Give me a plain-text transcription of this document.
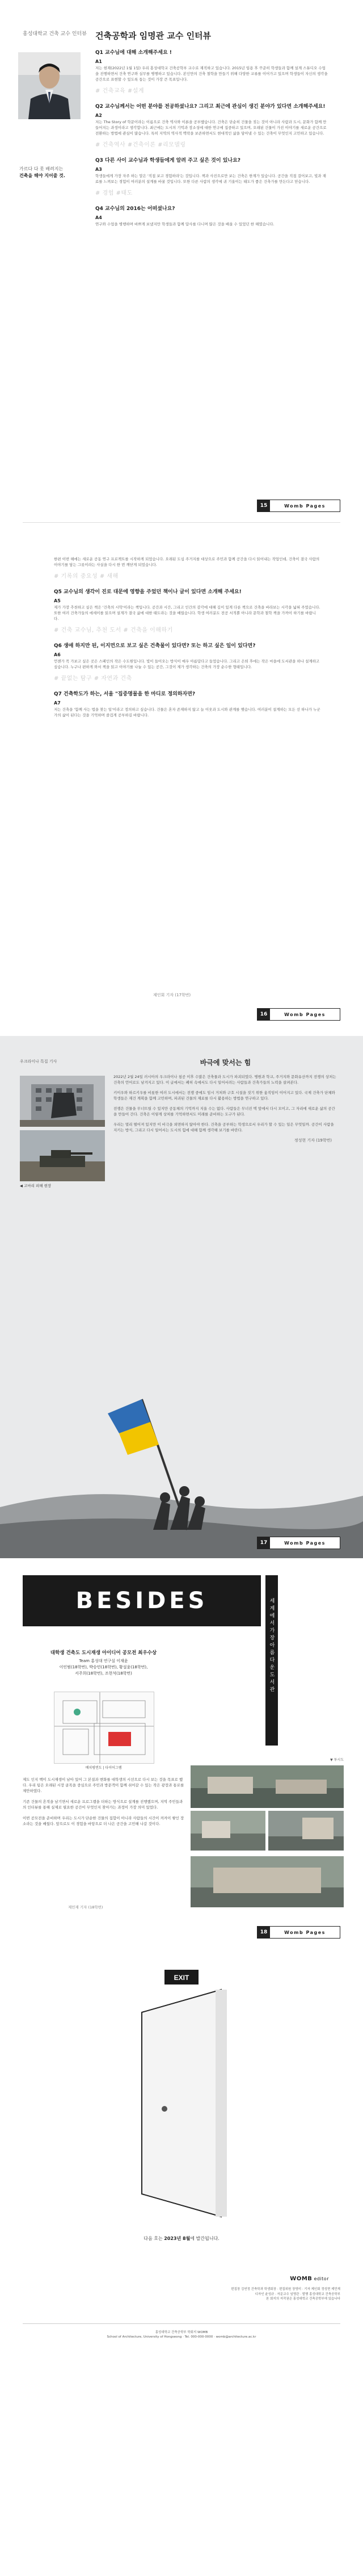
홍성대학교 건축 교수 인터뷰
가르다 다 못 배려지는
건축을 해야 지어줄 것.
건축공학과 임명관 교수 인터뷰
Q1 교수님에 대해 소개해주세요 !
A1
저는 현재(2022년 1월 1일) 우리 홍성대학교 건축공학부 교수로 재직하고 있습니다. 2015년 임용 후 꾸준히 학생들과 함께 설계 스튜디오 수업을 진행하면서 건축 연구와 실무를 병행하고 있습니다. 본인만의 건축 철학을 만들기 위해 다양한 교류를 이어가고 있으며 학생들이 자신의 생각을 공간으로 표현할 수 있도록 돕는 것이 가장 큰 목표입니다.
# 건축교육 #설계
Q2 교수님께서는 어떤 분야를 전공하셨나요? 그리고 최근에 관심이 생긴 분야가 있다면 소개해주세요!
A2
저는 The Story of 학문이라는 이름으로 건축 역사와 이론을 공부했습니다. 건축은 단순히 건물을 짓는 것이 아니라 사람과 도시, 문화가 함께 만들어지는 과정이라고 생각합니다. 최근에는 도시의 기억과 장소성에 대한 연구에 집중하고 있으며, 오래된 건물이 가진 이야기를 새로운 공간으로 전환하는 방법에 관심이 많습니다. 특히 지역의 역사적 맥락을 보존하면서도 현대적인 삶을 담아낼 수 있는 건축이 무엇인지 고민하고 있습니다.
# 건축역사 #건축이론 #리모델링
Q3 다른 사이 교수님과 학생들에게 알려 주고 싶은 것이 있나요?
A3
학생들에게 가장 자주 하는 말은 '직접 보고 경험하라'는 것입니다. 책과 사진으로만 보는 건축은 한계가 있습니다. 공간을 직접 걸어보고, 빛과 재료를 느껴보는 경험이 여러분의 설계를 바꿀 것입니다. 또한 다른 사람의 생각에 귀 기울이는 태도가 좋은 건축가를 만든다고 믿습니다.
# 경험 #태도
Q4 교수님의 2016는 어떠셨나요?
A4
연구와 수업을 병행하며 바쁘게 보냈지만 학생들과 함께 답사를 다니며 많은 것을 배울 수 있었던 한 해였습니다.
15	Womb Pages
한편 이번 해에는 새로운 공동 연구 프로젝트를 시작하게 되었습니다. 오래된 도심 주거지를 대상으로 주민과 함께 공간을 다시 읽어내는 작업인데, 건축이 결국 사람의 이야기를 담는 그릇이라는 사실을 다시 한 번 깨닫게 되었습니다.
# 기록의 중요성 # 새해
Q5 교수님의 생각이 진로 대문에 영향을 주었던 책이나 글이 있다면 소개해 주세요!
A5
제가 가장 추천하고 싶은 책은 '건축의 시학'이라는 책입니다. 공간과 시간, 그리고 인간의 감각에 대해 깊이 있게 다룬 책으로 건축을 바라보는 시각을 넓혀 주었습니다. 또한 여러 건축가들의 에세이를 읽으며 설계가 결국 삶에 대한 태도라는 것을 배웠습니다. 학생 여러분도 전공 서적뿐 아니라 문학과 철학 책을 가까이 하기를 바랍니다.
# 건축 교수님, 추천 도서 # 건축을 이해하기
Q6 생애 하지만 된, 이지먼으로 보고 싶은 건축물이 있다면? 또는 하고 싶은 일이 있다면?
A6
언젠가 꼭 가보고 싶은 곳은 스페인의 작은 수도원입니다. 빛이 들어오는 방식이 매우 아름답다고 들었습니다. 그리고 은퇴 후에는 작은 마을에 도서관을 하나 설계하고 싶습니다. 누구나 편하게 와서 책을 읽고 이야기를 나눌 수 있는 공간, 그것이 제가 생각하는 건축의 가장 순수한 형태입니다.
# 끝없는 탐구 # 자연과 건축
Q7 건축학도가 하는, 서울 "집중명물을 한 마디로 정의하자면?
A7
저는 건축을 '함께 사는 법을 찾는 일'이라고 정의하고 싶습니다. 건물은 혼자 존재하지 않고 늘 이웃과 도시와 관계를 맺습니다. 여러분이 설계하는 모든 선 하나가 누군가의 삶이 된다는 것을 기억하며 즐겁게 공부하길 바랍니다.
제인회 기자 (17학번)
16	Womb Pages
우크라이나 특집 기사
◀ 고마리 피해 현장
바극에 맞서는 힘

2022년 2월 24일 러시아의 우크라이나 침공 이후 수많은 건축물과 도시가 파괴되었다. 병원과 학교, 주거지와 문화유산까지 전쟁의 상처는 건축의 언어로도 남겨지고 있다. 이 글에서는 폐허 속에서도 다시 일어서려는 사람들과 건축가들의 노력을 살펴본다.

키이우와 하르키우를 비롯한 여러 도시에서는 전쟁 중에도 임시 거처와 구호 시설을 짓기 위한 움직임이 이어지고 있다. 국제 건축가 단체와 학생들은 재건 계획을 함께 고민하며, 파괴된 건물의 재료를 다시 활용하는 방법을 연구하고 있다.

전쟁은 건물을 무너뜨릴 수 있지만 공동체의 기억까지 지울 수는 없다. 사람들은 무너진 벽 앞에서 다시 모이고, 그 자리에 새로운 삶의 공간을 만들어 간다. 건축은 이렇게 상처를 기억하면서도 미래를 준비하는 도구가 된다.

우리는 멀리 떨어져 있지만 이 비극을 외면하지 않아야 한다. 건축을 공부하는 학생으로서 우리가 할 수 있는 일은 무엇일까. 공간이 사람을 지키는 방식, 그리고 다시 일어서는 도시의 힘에 대해 함께 생각해 보기를 바란다.

정성현 기자 (19학번)
17	Womb Pages
BESIDES	세계에서 가장 아름다운 도서관
대학생 건축도 도시재생 아이디어 공모전 최우수상
Team 홍성대 연구실 이재윤
이인범(18학번), 박승민(18학번), 황설윤(18학번),
서주희(18학번), 조현석(18학번)
배치평면도 | 다이어그램

제도 인지 백미 도시재생이 남아 있어 그 본질과 변화를 대학생의 시선으로 다시 보는 것을 목표로 했다. 우리 팀은 오래된 시장 골목을 중심으로 주민과 방문객이 함께 쉬어갈 수 있는 작은 광장과 통로를 제안하였다.

기존 건물의 흔적을 남기면서 새로운 프로그램을 더하는 방식으로 설계를 진행했으며, 지역 주민들과의 인터뷰를 통해 실제로 필요한 공간이 무엇인지 찾아가는 과정이 가장 의미 있었다.

이번 공모전을 준비하며 우리는 도시가 단순한 건물의 집합이 아니라 사람들의 시간이 켜켜이 쌓인 장소라는 것을 배웠다. 앞으로도 이 경험을 바탕으로 더 나은 공간을 고민해 나갈 것이다.

제민재 기자 (18학번)
▼ 투시도
18	Womb Pages
EXIT
다음 호는 2023년 8월에 발간됩니다.
WOMB editor
편집장 김연정 건축학과 학생회장 · 편집위원 장영미 · 기자 제인회 정성현 제민재
디자인 윤성규 · 자문교수 임명관 · 발행 홍성대학교 건축공학부
본 회지의 저작권은 홍성대학교 건축공학부에 있습니다
홍성대학교 건축공학부 학회지 WOMB
School of Architecture, University of Hongseong · Tel. 000-000-0000 · womb@architecture.ac.kr
